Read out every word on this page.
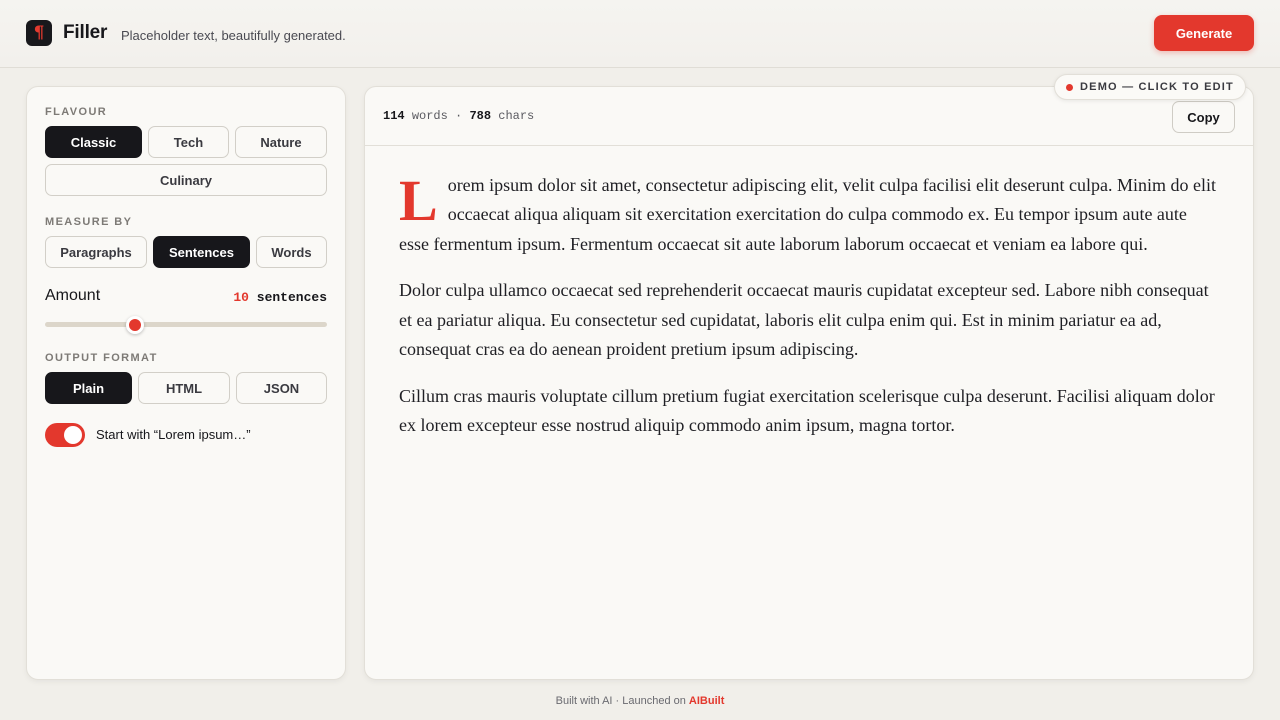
¶ Filler Placeholder text, beautifully generated.	Generate
FLAVOUR
Classic	Tech	Nature
Culinary
MEASURE BY
Paragraphs	Sentences	Words
Amount	10 sentences
OUTPUT FORMAT
Plain	HTML	JSON
Start with “Lorem ipsum…”
114 words · 788 chars	Copy

Lorem ipsum dolor sit amet, consectetur adipiscing elit, velit culpa facilisi elit deserunt culpa. Minim do elit occaecat aliqua aliquam sit exercitation exercitation do culpa commodo ex. Eu tempor ipsum aute aute esse fermentum ipsum. Fermentum occaecat sit aute laborum laborum occaecat et veniam ea labore qui.

Dolor culpa ullamco occaecat sed reprehenderit occaecat mauris cupidatat excepteur sed. Labore nibh consequat et ea pariatur aliqua. Eu consectetur sed cupidatat, laboris elit culpa enim qui. Est in minim pariatur ea ad, consequat cras ea do aenean proident pretium ipsum adipiscing.

Cillum cras mauris voluptate cillum pretium fugiat exercitation scelerisque culpa deserunt. Facilisi aliquam dolor ex lorem excepteur esse nostrud aliquip commodo anim ipsum, magna tortor.

DEMO — CLICK TO EDIT
Built with AI · Launched on AIBuilt
